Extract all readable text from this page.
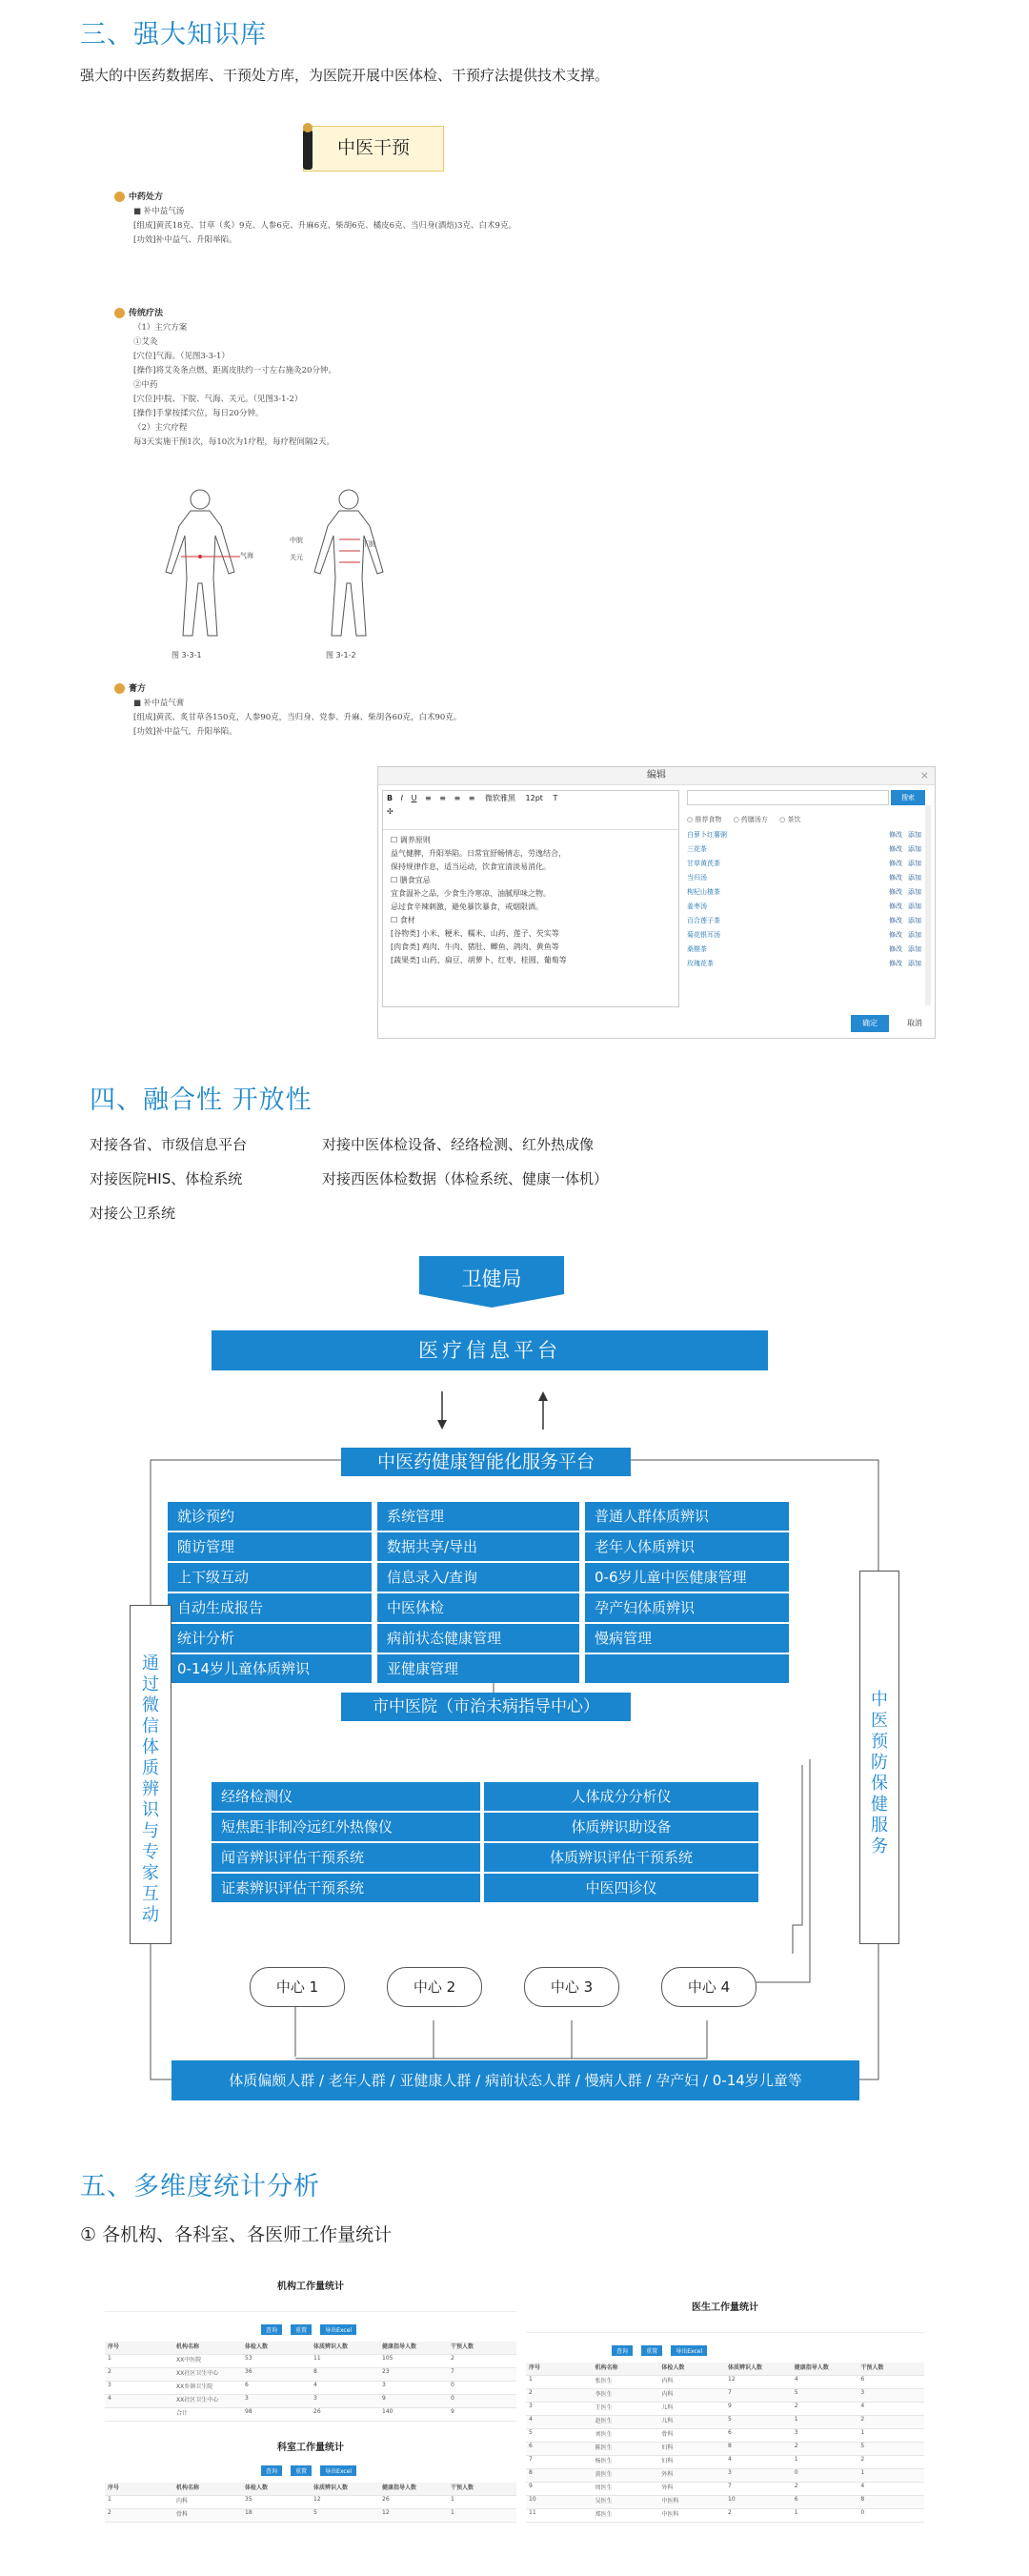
三、强大知识库
强大的中医药数据库、干预处方库，为医院开展中医体检、干预疗法提供技术支撑。
中医干预
中药处方
■ 补中益气汤
[组成]黄芪18克、甘草（炙）9克、人参6克、升麻6克、柴胡6克、橘皮6克、当归身(酒焙)3克、白术9克。
[功效]补中益气、升阳举陷。
传统疗法
（1）主穴方案
①艾灸
[穴位]气海。（见图3-3-1）
[操作]将艾灸条点燃，距离皮肤约一寸左右施灸20分钟。
②中药
[穴位]中脘、下脘、气海、关元。（见图3-1-2）
[操作]手掌按揉穴位，每日20分钟。
（2）主穴疗程
每3天实施干预1次，每10次为1疗程，每疗程间隔2天。
气海
图 3-3-1
中脘
关元
下脘
图 3-1-2
膏方
■ 补中益气膏
[组成]黄芪、炙甘草各150克，人参90克，当归身、党参、升麻、柴胡各60克，白术90克。
[功效]补中益气，升阳举陷。
编辑	×
B I U ≡ ≡ ≡ ≡ 微软雅黑 12pt T
✣
☐ 调养原则
益气健脾，升阳举陷。日常宜舒畅情志，劳逸结合，
保持规律作息，适当运动，饮食宜清淡易消化。
☐ 膳食宜忌
宜食温补之品，少食生冷寒凉、油腻厚味之物。
忌过食辛辣刺激，避免暴饮暴食，戒烟限酒。
☐ 食材
[谷物类] 小米、粳米、糯米、山药、莲子、芡实等
[肉食类] 鸡肉、牛肉、猪肚、鲫鱼、鸽肉、黄鱼等
[蔬果类] 山药、扁豆、胡萝卜、红枣、桂圆、葡萄等
搜索
○ 推荐食物 ○ 药膳汤方 ○ 茶饮
白萝卜红薯粥	修改 添加
三花茶	修改 添加
甘草黄芪茶	修改 添加
当归汤	修改 添加
枸杞山楂茶	修改 添加
姜枣汤	修改 添加
百合莲子茶	修改 添加
菊花银耳汤	修改 添加
桑椹茶	修改 添加
玫瑰花茶	修改 添加
确定	取消
四、融合性 开放性
对接各省、市级信息平台
对接医院HIS、体检系统
对接公卫系统
对接中医体检设备、经络检测、红外热成像
对接西医体检数据（体检系统、健康一体机）
卫健局
医疗信息平台
中医药健康智能化服务平台
就诊预约	系统管理	普通人群体质辨识
随访管理	数据共享/导出	老年人体质辨识
上下级互动	信息录入/查询	0-6岁儿童中医健康管理
自动生成报告	中医体检	孕产妇体质辨识
统计分析	病前状态健康管理	慢病管理
0-14岁儿童体质辨识	亚健康管理
通过微信体质辨识与专家互动
中医预防保健服务
市中医院（市治未病指导中心）
经络检测仪	人体成分分析仪
短焦距非制冷远红外热像仪	体质辨识助设备
闻音辨识评估干预系统	体质辨识评估干预系统
证素辨识评估干预系统	中医四诊仪
中心 1	中心 2	中心 3	中心 4
体质偏颇人群 / 老年人群 / 亚健康人群 / 病前状态人群 / 慢病人群 / 孕产妇 / 0-14岁儿童等
五、多维度统计分析
① 各机构、各科室、各医师工作量统计
机构工作量统计
查询	重置	导出Excel
序号	机构名称	体检人数	体质辨识人数	健康指导人数	干预人数
1	XX中医院	53	11	105	2
2	XX社区卫生中心	36	8	23	7
3	XX乡镇卫生院	6	4	3	0
4	XX社区卫生中心	3	3	9	0
合计	98	26	140	9
科室工作量统计
查询	重置	导出Excel
序号	机构名称	体检人数	体质辨识人数	健康指导人数	干预人数
1	内科	35	12	26	1
2	骨科	18	5	12	1
医生工作量统计
查询	重置	导出Excel
序号	机构名称	体检人数	体质辨识人数	健康指导人数	干预人数
1	张医生	内科	12	4	6
2	李医生	内科	7	5	3
3	王医生	儿科	9	2	4
4	赵医生	儿科	5	1	2
5	刘医生	骨科	6	3	1
6	陈医生	妇科	8	2	5
7	杨医生	妇科	4	1	2
8	黄医生	外科	3	0	1
9	周医生	外科	7	2	4
10	吴医生	中医科	10	6	8
11	郑医生	中医科	2	1	0
